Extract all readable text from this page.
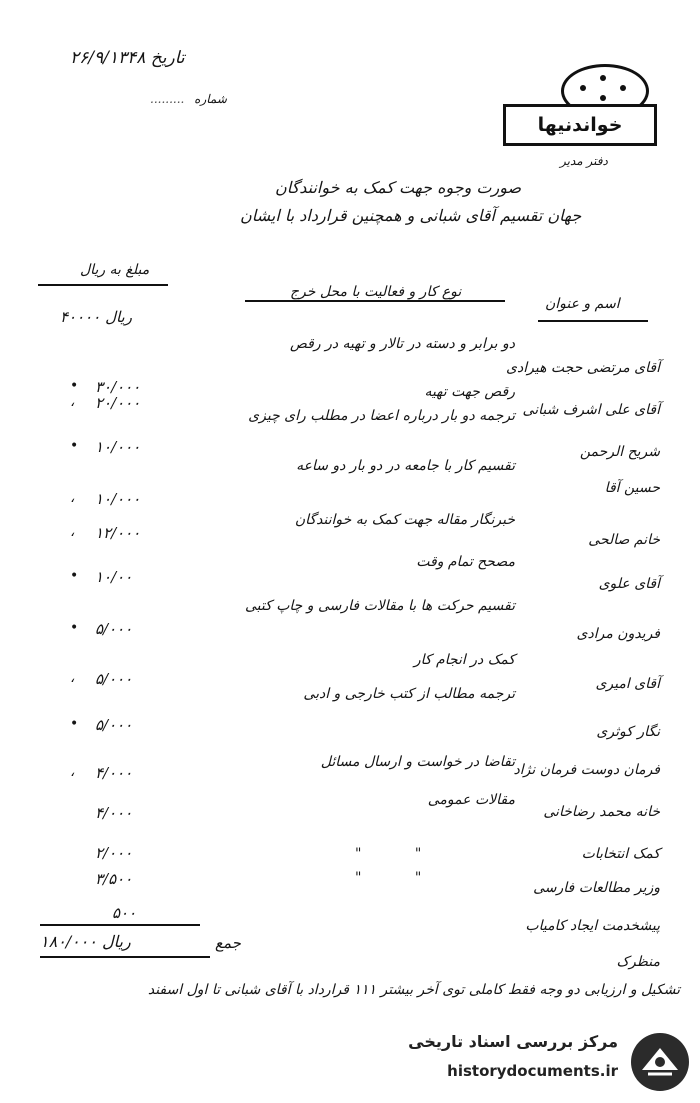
تاریخ ۲۶/۹/۱۳۴۸
شماره .........
خواندنیها
دفتر مدیر
صورت وجوه جهت کمک به خوانندگان
جهان تقسیم آقای شبانی و همچنین قرارداد با ایشان
مبلغ به ریال
نوع کار و فعالیت با محل خرج
اسم و عنوان
آقای مرتضی حجت هیرادی
دو برابر و دسته در تالار و تهیه در رقص
۴۰۰۰۰ ریال
آقای علی اشرف شبانی
رقص جهت تهیه
۳۰/۰۰۰
•
شریح الرحمن
ترجمه دو بار درباره اعضا در مطلب رای چیزی
۲۰/۰۰۰
،
حسین آقا
تقسیم کار با جامعه در دو بار دو ساعه
۱۰/۰۰۰
•
خانم صالحی
خبرنگار مقاله جهت کمک به خوانندگان
۱۰/۰۰۰
،
آقای علوی
مصحح تمام وقت
۱۲/۰۰۰
،
فریدون مرادی
تقسیم حرکت ها با مقالات فارسی و چاپ کتبی
۱۰/۰۰
•
آقای امیری
۵/۰۰۰
•
نگار کوثری
کمک در انجام کار
۵/۰۰۰
،
فرمان دوست فرمان نژاد
ترجمه مطالب از کتب خارجی و ادبی
۵/۰۰۰
•
خانه محمد رضاخانی
تقاضا در خواست و ارسال مسائل
۴/۰۰۰
،
کمک انتخابات
مقالات عمومی
۴/۰۰۰
وزیر مطالعات فارسی
۲/۰۰۰
پیشخدمت ایجاد کامیاب
۳/۵۰۰
منظرک
۵۰۰
"            "
"            "
جمع
۱۸۰/۰۰۰ ریال
تشکیل و ارزیابی دو وجه فقط کاملی توی آخر بیشتر ۱۱۱ قرارداد با آقای شبانی تا اول اسفند
مرکز بررسی اسناد تاریخی
historydocuments.ir
